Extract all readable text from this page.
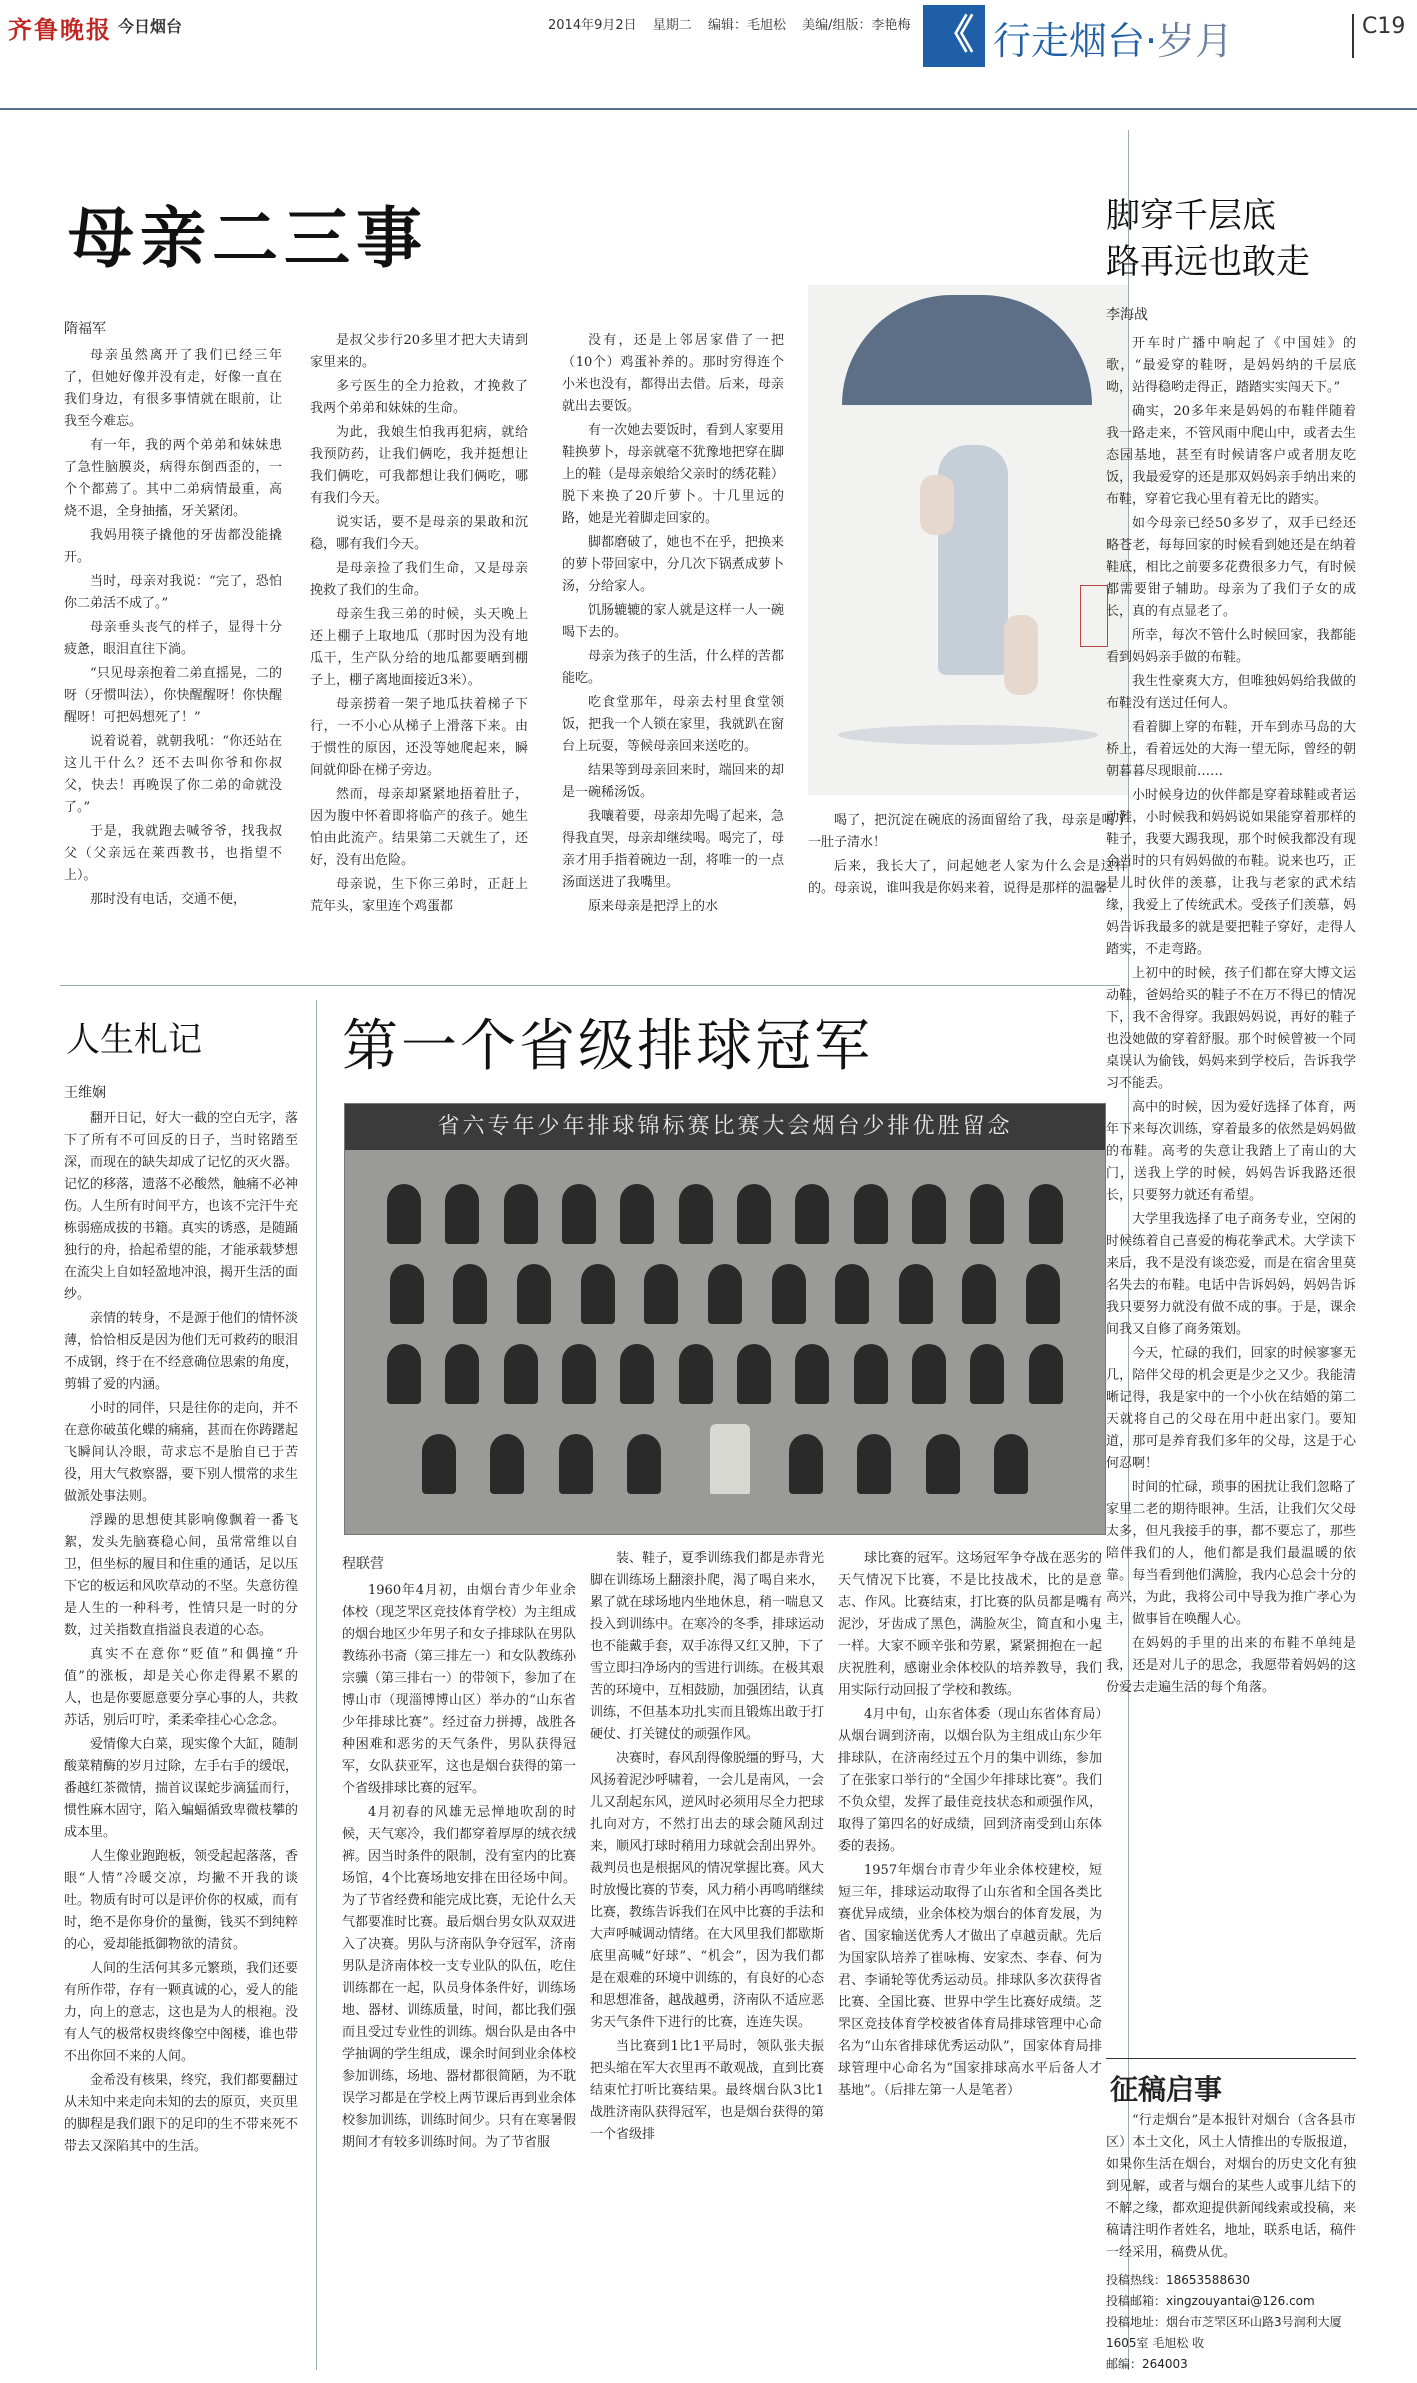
齐鲁晚报 今日烟台	2014年9月2日 星期二 编辑：毛旭松 美编/组版：李艳梅 《 行走烟台·岁月	C19
母亲二三事
隋福军

母亲虽然离开了我们已经三年了，但她好像并没有走，好像一直在我们身边，有很多事情就在眼前，让我至今难忘。

有一年，我的两个弟弟和妹妹患了急性脑膜炎，病得东倒西歪的，一个个都蔫了。其中二弟病情最重，高烧不退，全身抽搐，牙关紧闭。

我妈用筷子撬他的牙齿都没能撬开。

当时，母亲对我说：“完了，恐怕你二弟活不成了。”

母亲垂头丧气的样子，显得十分疲惫，眼泪直往下淌。

“只见母亲抱着二弟直摇晃，二的呀（牙惯叫法），你快醒醒呀！你快醒醒呀！可把妈想死了！”

说着说着，就朝我吼：“你还站在这儿干什么？还不去叫你爷和你叔父，快去！再晚误了你二弟的命就没了。”

于是，我就跑去喊爷爷，找我叔父（父亲远在莱西教书，也指望不上）。

那时没有电话，交通不便，

是叔父步行20多里才把大夫请到家里来的。

多亏医生的全力抢救，才挽救了我两个弟弟和妹妹的生命。

为此，我娘生怕我再犯病，就给我预防药，让我们俩吃，我并挺想让我们俩吃，可我都想让我们俩吃，哪有我们今天。

说实话，要不是母亲的果敢和沉稳，哪有我们今天。

是母亲捡了我们生命，又是母亲挽救了我们的生命。

母亲生我三弟的时候，头天晚上还上棚子上取地瓜（那时因为没有地瓜干，生产队分给的地瓜都要晒到棚子上，棚子离地面接近3米）。

母亲捞着一架子地瓜扶着梯子下行，一不小心从梯子上滑落下来。由于惯性的原因，还没等她爬起来，瞬间就仰卧在梯子旁边。

然而，母亲却紧紧地捂着肚子，因为腹中怀着即将临产的孩子。她生怕由此流产。结果第二天就生了，还好，没有出危险。

母亲说，生下你三弟时，正赶上荒年头，家里连个鸡蛋都

没有，还是上邻居家借了一把（10个）鸡蛋补养的。那时穷得连个小米也没有，都得出去借。后来，母亲就出去要饭。

有一次她去要饭时，看到人家要用鞋换萝卜，母亲就毫不犹豫地把穿在脚上的鞋（是母亲娘给父亲时的绣花鞋）脱下来换了20斤萝卜。十几里远的路，她是光着脚走回家的。

脚都磨破了，她也不在乎，把换来的萝卜带回家中，分几次下锅煮成萝卜汤，分给家人。

饥肠辘辘的家人就是这样一人一碗喝下去的。

母亲为孩子的生活，什么样的苦都能吃。

吃食堂那年，母亲去村里食堂领饭，把我一个人锁在家里，我就趴在窗台上玩耍，等候母亲回来送吃的。

结果等到母亲回来时，端回来的却是一碗稀汤饭。

我嚷着要，母亲却先喝了起来，急得我直哭，母亲却继续喝。喝完了，母亲才用手指着碗边一刮，将唯一的一点汤面送进了我嘴里。

原来母亲是把浮上的水

喝了，把沉淀在碗底的汤面留给了我，母亲是喝了一肚子清水！

后来，我长大了，问起她老人家为什么会是这样的。母亲说，谁叫我是你妈来着，说得是那样的温馨！

脚穿千层底
路再远也敢走
李海战

开车时广播中响起了《中国娃》的歌，“最爱穿的鞋呀，是妈妈纳的千层底呦，站得稳哟走得正，踏踏实实闯天下。”

确实，20多年来是妈妈的布鞋伴随着我一路走来，不管风雨中爬山中，或者去生态园基地，甚至有时候请客户或者朋友吃饭，我最爱穿的还是那双妈妈亲手纳出来的布鞋，穿着它我心里有着无比的踏实。

如今母亲已经50多岁了，双手已经还略苍老，每每回家的时候看到她还是在纳着鞋底，相比之前要多花费很多力气，有时候都需要钳子辅助。母亲为了我们子女的成长，真的有点显老了。

所幸，每次不管什么时候回家，我都能看到妈妈亲手做的布鞋。

我生性豪爽大方，但唯独妈妈给我做的布鞋没有送过任何人。

看着脚上穿的布鞋，开车到赤马岛的大桥上，看着远处的大海一望无际，曾经的朝朝暮暮尽现眼前……

小时候身边的伙伴都是穿着球鞋或者运动鞋，小时候我和妈妈说如果能穿着那样的鞋子，我要大踢我现，那个时候我都没有现金当时的只有妈妈做的布鞋。说来也巧，正是儿时伙伴的羡慕，让我与老家的武术结缘，我爱上了传统武术。受孩子们羡慕，妈妈告诉我最多的就是要把鞋子穿好，走得人踏实，不走弯路。

上初中的时候，孩子们都在穿大博文运动鞋，爸妈给买的鞋子不在万不得已的情况下，我不舍得穿。我跟妈妈说，再好的鞋子也没她做的穿着舒服。那个时候曾被一个同桌误认为偷钱，妈妈来到学校后，告诉我学习不能丢。

高中的时候，因为爱好选择了体育，两年下来每次训练，穿着最多的依然是妈妈做的布鞋。高考的失意让我踏上了南山的大门，送我上学的时候，妈妈告诉我路还很长，只要努力就还有希望。

大学里我选择了电子商务专业，空闲的时候练着自己喜爱的梅花拳武术。大学读下来后，我不是没有谈恋爱，而是在宿舍里莫名失去的布鞋。电话中告诉妈妈，妈妈告诉我只要努力就没有做不成的事。于是，课余间我又自修了商务策划。

今天，忙碌的我们，回家的时候寥寥无几，陪伴父母的机会更是少之又少。我能清晰记得，我是家中的一个小伙在结婚的第二天就将自己的父母在用中赶出家门。要知道，那可是养育我们多年的父母，这是于心何忍啊！

时间的忙碌，琐事的困扰让我们忽略了家里二老的期待眼神。生活，让我们欠父母太多，但凡我接手的事，都不要忘了，那些陪伴我们的人，他们都是我们最温暖的依靠。每当看到他们满脸，我内心总会十分的高兴，为此，我将公司中导我为推广孝心为主，做事旨在唤醒人心。

在妈妈的手里的出来的布鞋不单纯是我，还是对儿子的思念，我愿带着妈妈的这份爱去走遍生活的每个角落。

征稿启事

“行走烟台”是本报针对烟台（含各县市区）本土文化，风土人情推出的专版报道，如果你生活在烟台，对烟台的历史文化有独到见解，或者与烟台的某些人或事儿结下的不解之缘，都欢迎提供新闻线索或投稿，来稿请注明作者姓名，地址，联系电话，稿件一经采用，稿费从优。

投稿热线：18653588630
投稿邮箱：xingzouyantai@126.com
投稿地址：烟台市芝罘区环山路3号润利大厦1605室 毛旭松 收
邮编：264003
人生札记
王维娴

翻开日记，好大一截的空白无字，落下了所有不可回反的日子，当时铭踏至深，而现在的缺失却成了记忆的灭火器。记忆的移落，遗落不必酸然，触痛不必神伤。人生所有时间平方，也该不完汗牛充栋弱癌成拔的书籍。真实的诱惑，是随踊独行的舟，拾起希望的能，才能承载梦想在流尖上自如轻盈地冲浪，揭开生活的面纱。

亲情的转身，不是源于他们的情怀淡薄，恰恰相反是因为他们无可救药的眼泪不成钢，终于在不经意确位思索的角度，剪辑了爱的内涵。

小时的同伴，只是往你的走向，并不在意你破茧化蝶的痛痛，甚而在你踌躇起飞瞬间认冷眼，苛求忘不是胎自已于苦役，用大气救察器，要下别人惯常的求生做派处事法则。

浮躁的思想使其影响像飘着一番飞絮，发头先脑赛稳心间，虽常常维以自卫，但坐标的履目和住重的通话，足以压下它的板运和风吹草动的不坚。失意彷徨是人生的一种科考，性情只是一时的分数，过关指数直指溢良表道的心态。

真实不在意你“贬值”和偶撞“升值”的涨板，却是关心你走得累不累的人，也是你要愿意要分享心事的人，共救苏话，别后叮咛，柔柔牵挂心心念念。

爱情像大白菜，现实像个大缸，随制酸菜精酶的岁月过除，左手右手的缓氓，番越红茶微情，揣首议谋蛇步滴猛而行，惯性麻木固守，陷入蝙蝠循致卑微枝攀的成本里。

人生像业跑跑板，领受起起落落，香眼“人情”冷暖交凉，均撇不开我的谈吐。物质有时可以是评价你的权威，而有时，绝不是你身价的量衡，钱买不到纯粹的心，爱却能抵御物欲的清贫。

人间的生活何其多元繁琐，我们还要有所作带，存有一颗真诚的心，爱人的能力，向上的意志，这也是为人的根袍。没有人气的极常权贵终像空中阁楼，谁也带不出你回不来的人间。

金希没有核果，终究，我们都要翻过从未知中来走向未知的去的原页，夹页里的脚程是我们跟下的足印的生不带来死不带去又深陷其中的生活。

第一个省级排球冠军
省六专年少年排球锦标赛比赛大会烟台少排优胜留念
程联营

1960年4月初，由烟台青少年业余体校（现芝罘区竞技体育学校）为主组成的烟台地区少年男子和女子排球队在男队教练孙书斋（第三排左一）和女队教练孙宗骥（第三排右一）的带领下，参加了在博山市（现淄博博山区）举办的“山东省少年排球比赛”。经过奋力拼搏，战胜各种困难和恶劣的天气条件，男队获得冠军，女队获亚军，这也是烟台获得的第一个省级排球比赛的冠军。

4月初春的风雄无忌惮地吹刮的时候，天气寒冷，我们都穿着厚厚的绒衣绒裤。因当时条件的限制，没有室内的比赛场馆，4个比赛场地安排在田径场中间。为了节省经费和能完成比赛，无论什么天气都要准时比赛。最后烟台男女队双双进入了决赛。男队与济南队争夺冠军，济南男队是济南体校一支专业队的队伍，吃住训练都在一起，队员身体条件好，训练场地、器材、训练质量，时间，都比我们强而且受过专业性的训练。烟台队是由各中学抽调的学生组成，课余时间到业余体校参加训练，场地、器材都很简陋，为不耽误学习都是在学校上两节课后再到业余体校参加训练，训练时间少。只有在寒暑假期间才有较多训练时间。为了节省服

装、鞋子，夏季训练我们都是赤背光脚在训练场上翻滚扑爬，渴了喝自来水，累了就在球场地内坐地休息，稍一喘息又投入到训练中。在寒冷的冬季，排球运动也不能戴手套，双手冻得又红又肿，下了雪立即扫净场内的雪进行训练。在极其艰苦的环境中，互相鼓励，加强团结，认真训练，不但基本功扎实而且锻炼出敢于打硬仗、打关键仗的顽强作风。

决赛时，春风刮得像脱缰的野马，大风扬着泥沙呼啸着，一会儿是南风，一会儿又刮起东风，逆风时必须用尽全力把球扎向对方，不然打出去的球会随风刮过来，顺风打球时稍用力球就会刮出界外。裁判员也是根据风的情况掌握比赛。风大时放慢比赛的节奏，风力稍小再鸣哨继续比赛，教练告诉我们在风中比赛的手法和大声呼喊调动情绪。在大风里我们都歇斯底里高喊“好球”、“机会”，因为我们都是在艰难的环境中训练的，有良好的心态和思想准备，越战越勇，济南队不适应恶劣天气条件下进行的比赛，连连失误。

当比赛到1比1平局时，领队张夫振把头缩在军大衣里再不敢观战，直到比赛结束忙打听比赛结果。最终烟台队3比1战胜济南队获得冠军，也是烟台获得的第一个省级排

球比赛的冠军。这场冠军争夺战在恶劣的天气情况下比赛，不是比技战术，比的是意志、作风。比赛结束，打比赛的队员都是嘴有泥沙，牙齿成了黑色，满脸灰尘，简直和小鬼一样。大家不顾辛张和劳累，紧紧拥抱在一起庆祝胜利，感谢业余体校队的培养教导，我们用实际行动回报了学校和教练。

4月中旬，山东省体委（现山东省体育局）从烟台调到济南，以烟台队为主组成山东少年排球队，在济南经过五个月的集中训练，参加了在张家口举行的“全国少年排球比赛”。我们不负众望，发挥了最佳竞技状态和顽强作风，取得了第四名的好成绩，回到济南受到山东体委的表扬。

1957年烟台市青少年业余体校建校，短短三年，排球运动取得了山东省和全国各类比赛优异成绩，业余体校为烟台的体育发展，为省、国家输送优秀人才做出了卓越贡献。先后为国家队培养了崔咏梅、安家杰、李春、何为君、李诵轮等优秀运动员。排球队多次获得省比赛、全国比赛、世界中学生比赛好成绩。芝罘区竞技体育学校被省体育局排球管理中心命名为“山东省排球优秀运动队”，国家体育局排球管理中心命名为“国家排球高水平后备人才基地”。（后排左第一人是笔者）
